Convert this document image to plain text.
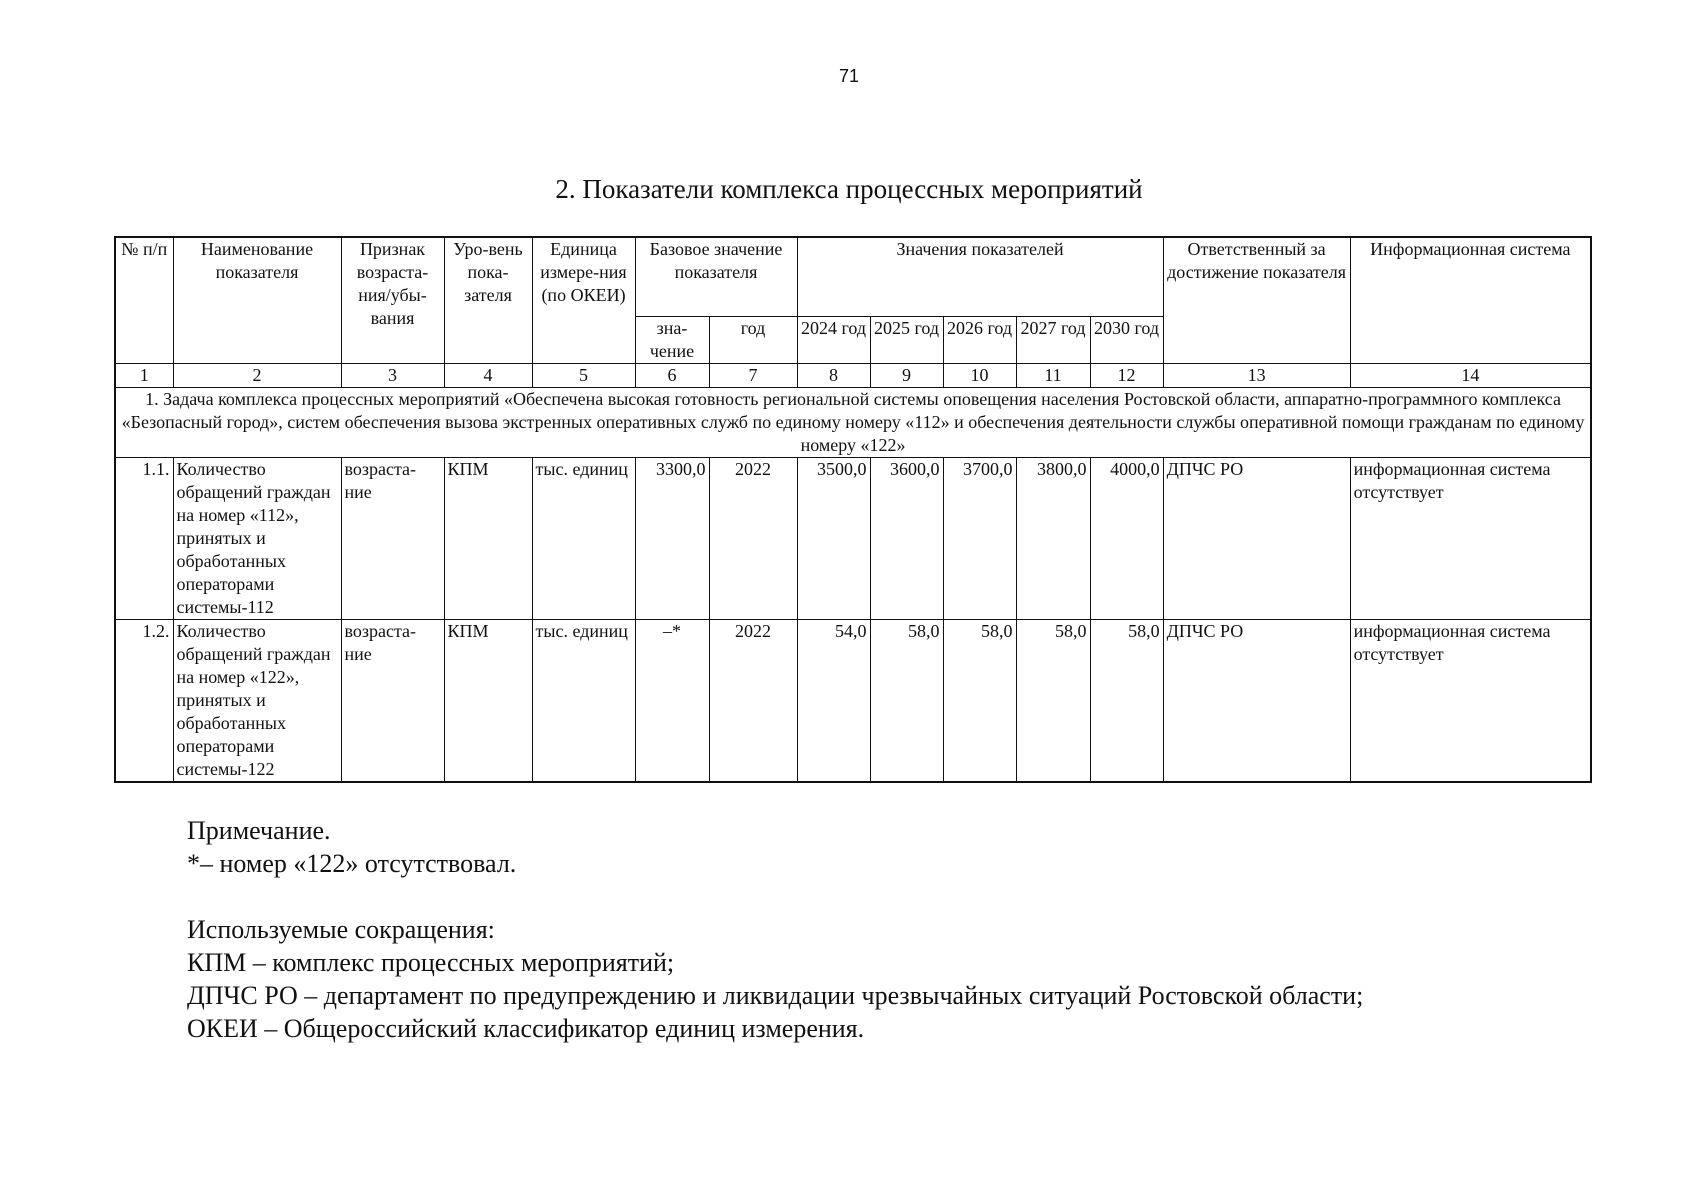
71
2. Показатели комплекса процессных мероприятий
№ п/п	Наименование показателя	Признак возраста-ния/убы-вания	Уро-вень пока-зателя	Единица измере-ния (по ОКЕИ)	Базовое значение показателя		Значения показателей					Ответственный за достижение показателя	Информационная система
					зна-чение	год	2024 год	2025 год	2026 год	2027 год	2030 год		
1	2	3	4	5	6	7	8	9	10	11	12	13	14
1. Задача комплекса процессных мероприятий «Обеспечена высокая готовность региональной системы оповещения населения Ростовской области, аппаратно-программного комплекса «Безопасный город», систем обеспечения вызова экстренных оперативных служб по единому номеру «112» и обеспечения деятельности службы оперативной помощи гражданам по единому номеру «122»													
1.1.	Количество обращений граждан на номер «112», принятых и обработанных операторами системы-112	возраста-ние	КПМ	тыс. единиц	3300,0	2022	3500,0	3600,0	3700,0	3800,0	4000,0	ДПЧС РО	информационная система отсутствует
1.2.	Количество обращений граждан на номер «122», принятых и обработанных операторами системы-122	возраста-ние	КПМ	тыс. единиц	–*	2022	54,0	58,0	58,0	58,0	58,0	ДПЧС РО	информационная система отсутствует

Примечание.

*– номер «122» отсутствовал.

Используемые сокращения:

КПМ – комплекс процессных мероприятий;

ДПЧС РО – департамент по предупреждению и ликвидации чрезвычайных ситуаций Ростовской области;

ОКЕИ – Общероссийский классификатор единиц измерения.
